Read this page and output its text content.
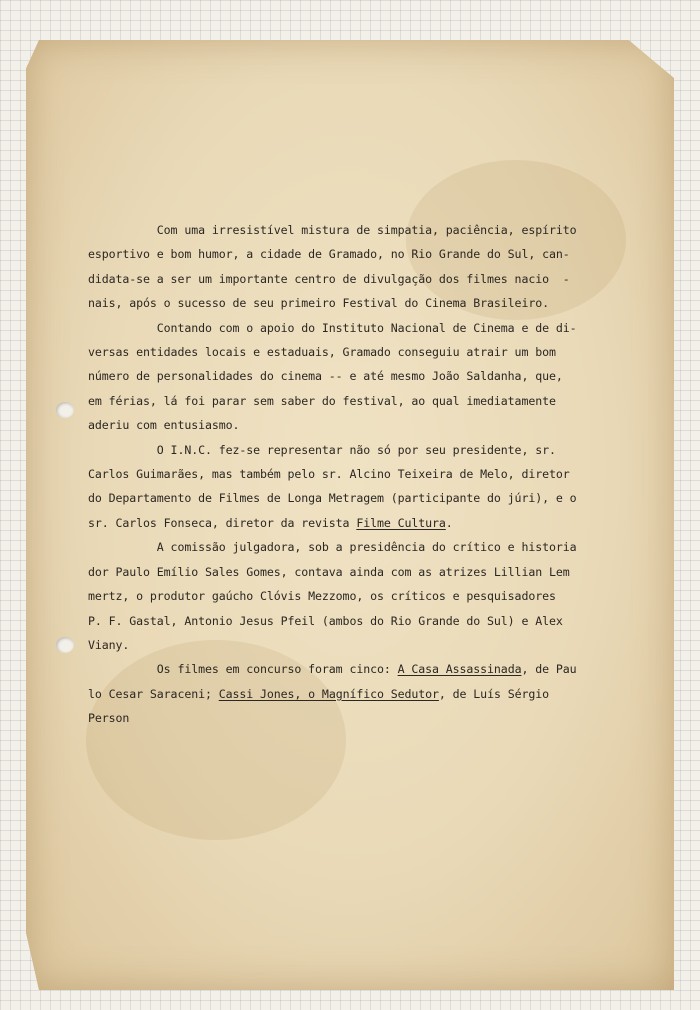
Com uma irresistível mistura de simpatia, paciência, espírito
esportivo e bom humor, a cidade de Gramado, no Rio Grande do Sul, can-
didata-se a ser um importante centro de divulgação dos filmes nacio  -
nais, após o sucesso de seu primeiro Festival do Cinema Brasileiro.

Contando com o apoio do Instituto Nacional de Cinema e de di-
versas entidades locais e estaduais, Gramado conseguiu atrair um bom
número de personalidades do cinema -- e até mesmo João Saldanha, que,
em férias, lá foi parar sem saber do festival, ao qual imediatamente
aderiu com entusiasmo.

O I.N.C. fez-se representar não só por seu presidente, sr.
Carlos Guimarães, mas também pelo sr. Alcino Teixeira de Melo, diretor
do Departamento de Filmes de Longa Metragem (participante do júri), e o
sr. Carlos Fonseca, diretor da revista Filme Cultura.

A comissão julgadora, sob a presidência do crítico e historia
dor Paulo Emílio Sales Gomes, contava ainda com as atrizes Lillian Lem
mertz, o produtor gaúcho Clóvis Mezzomo, os críticos e pesquisadores
P. F. Gastal, Antonio Jesus Pfeil (ambos do Rio Grande do Sul) e Alex
Viany.

Os filmes em concurso foram cinco: A Casa Assassinada, de Pau
lo Cesar Saraceni; Cassi Jones, o Magnífico Sedutor, de Luís Sérgio
Person
